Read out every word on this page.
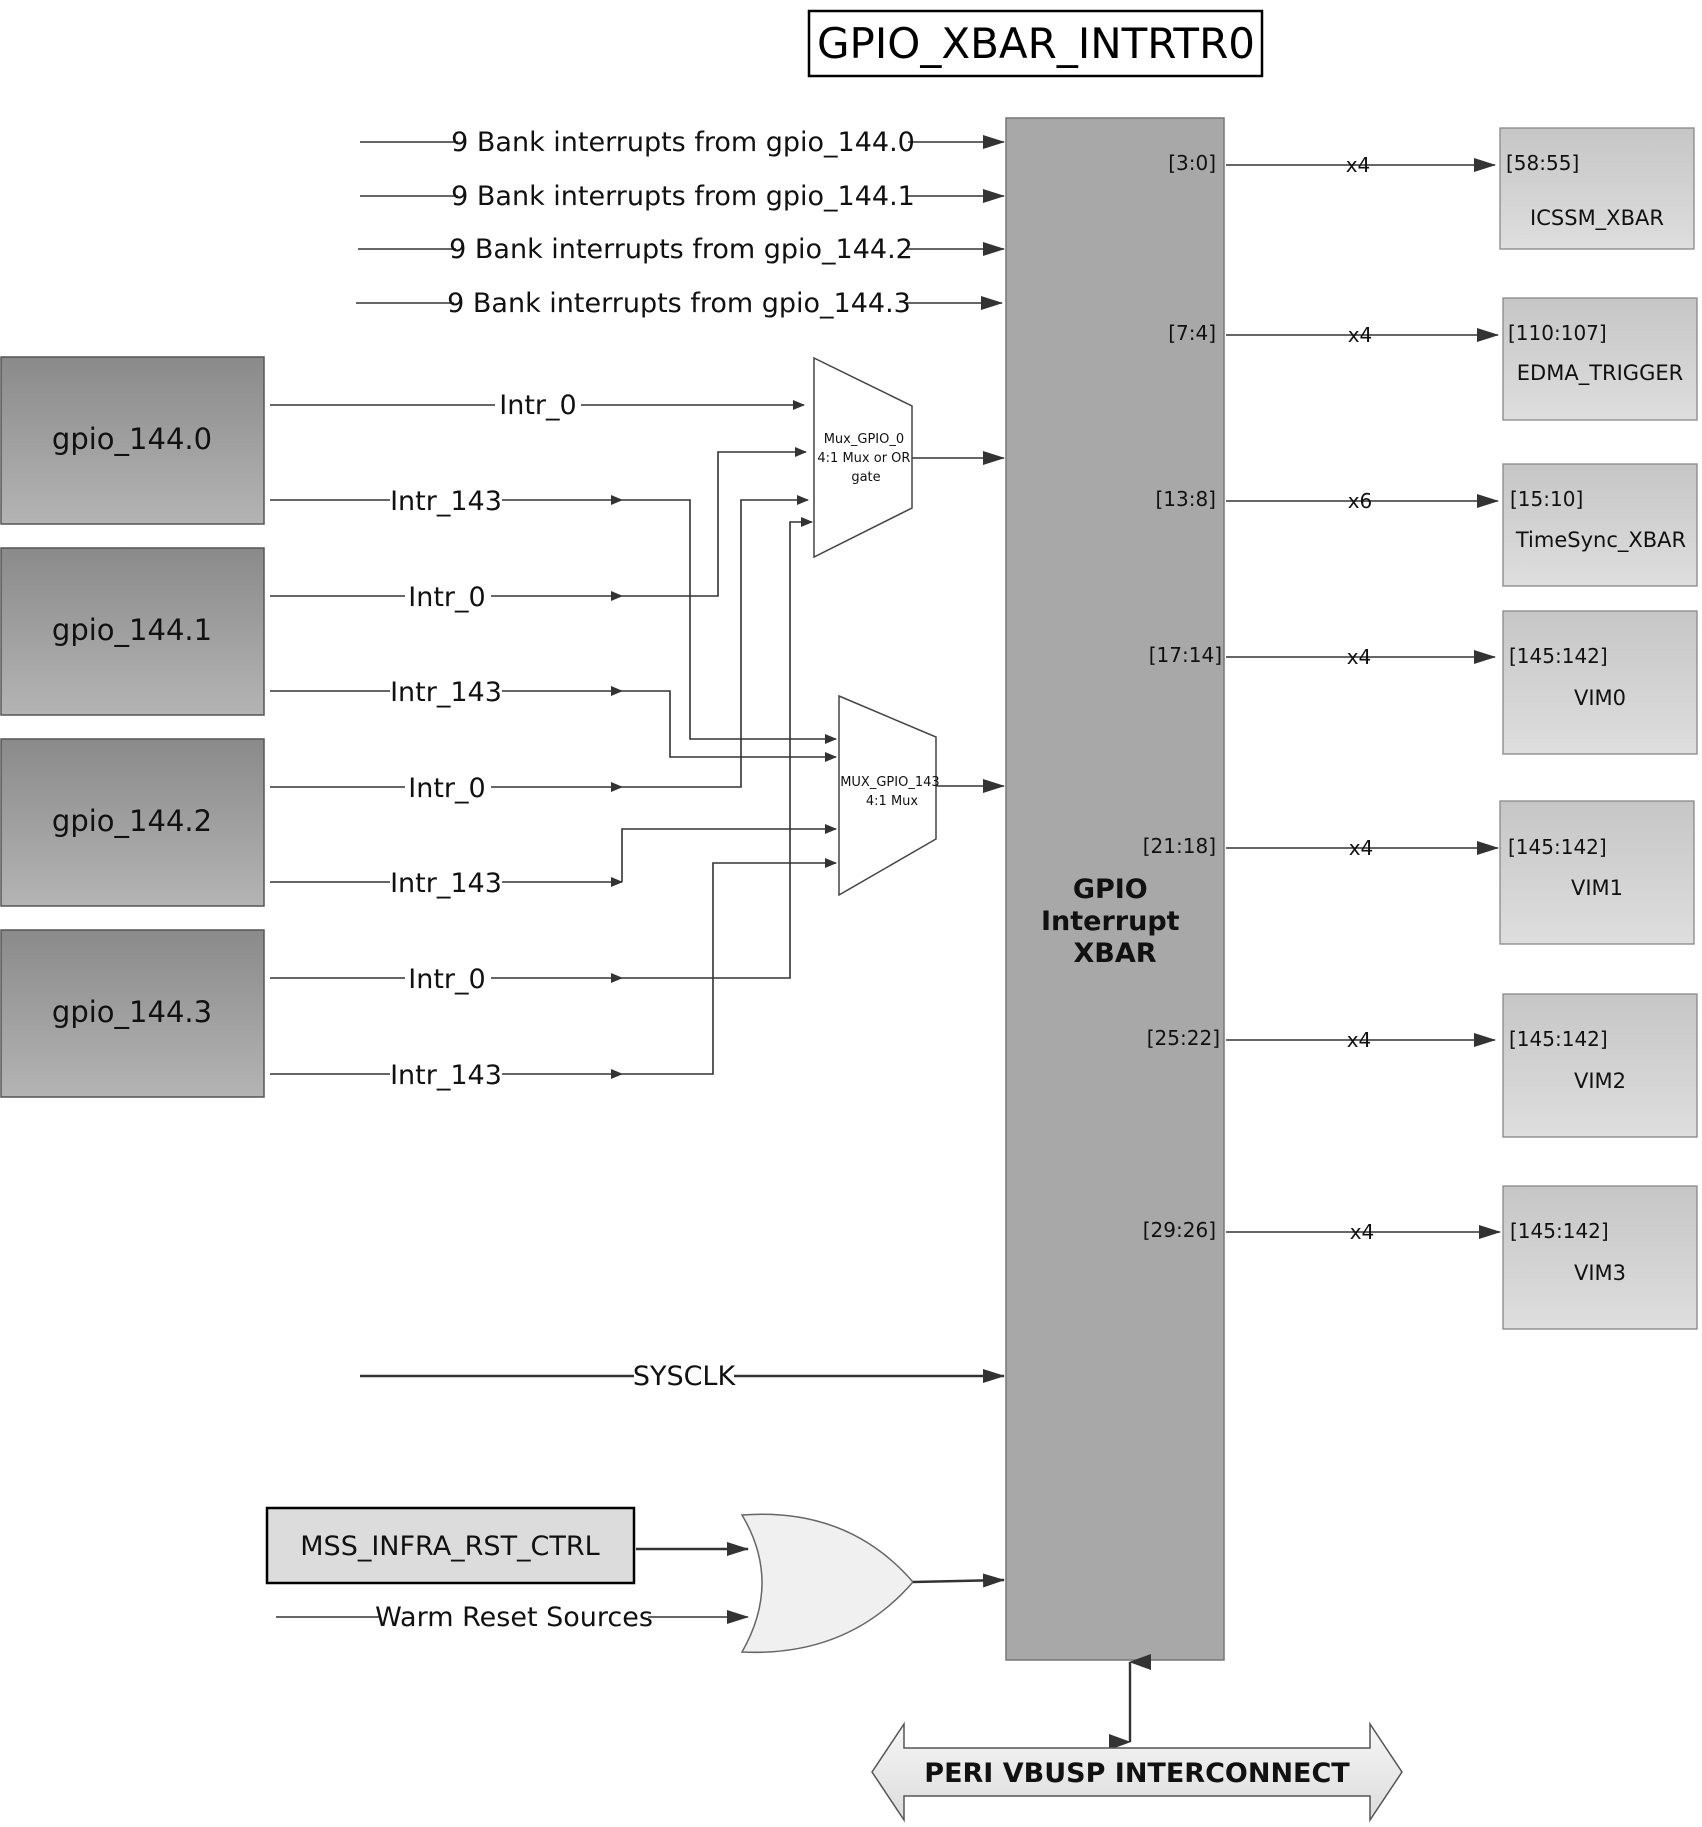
GPIO_XBAR_INTRTR0
GPIO Interrupt XBAR
9 Bank interrupts from gpio_144.0
9 Bank interrupts from gpio_144.1
9 Bank interrupts from gpio_144.2
9 Bank interrupts from gpio_144.3
gpio_144.0
gpio_144.1
gpio_144.2
gpio_144.3
Intr_0
Intr_143
Intr_0
Intr_143
Intr_0
Intr_143
Intr_0
Intr_143
Mux_GPIO_0 4:1 Mux or OR gate
MUX_GPIO_143 4:1 Mux
[3:0]	x4	[58:55]
ICSSM_XBAR
[7:4]	x4	[110:107]
EDMA_TRIGGER
[13:8]	x6	[15:10]
TimeSync_XBAR
[17:14]	x4	[145:142]
VIM0
[21:18]	x4	[145:142]
VIM1
[25:22]	x4	[145:142]
VIM2
[29:26]	x4	[145:142]
VIM3
SYSCLK
MSS_INFRA_RST_CTRL
Warm Reset Sources
PERI VBUSP INTERCONNECT
